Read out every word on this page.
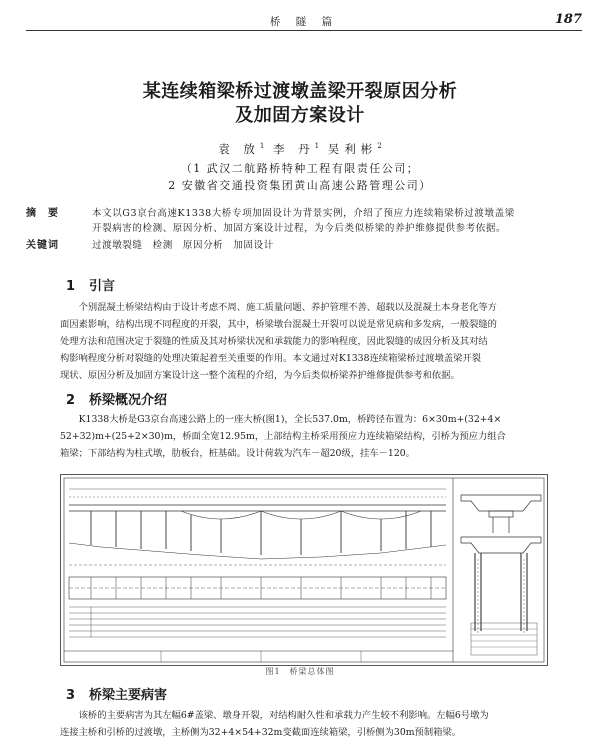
桥 隧 篇	187
某连续箱梁桥过渡墩盖梁开裂原因分析
及加固方案设计
袁 放$^1$ 李 丹$^1$ 吴利彬$^2$
（1 武汉二航路桥特种工程有限责任公司；
2 安徽省交通投资集团黄山高速公路管理公司）
摘　要	本文以G3京台高速K1338大桥专项加固设计为背景实例，介绍了预应力连续箱梁桥过渡墩盖梁
开裂病害的检测、原因分析、加固方案设计过程，为今后类似桥梁的养护维修提供参考依据。
关键词	过渡墩裂缝　检测　原因分析　加固设计
1 引言
　　个别混凝土桥梁结构由于设计考虑不周、施工质量问题、养护管理不善、超载以及混凝土本身老化等方
面因素影响，结构出现不同程度的开裂，其中，桥梁墩台混凝土开裂可以说是常见病和多发病，一般裂缝的
处理方法和范围决定于裂缝的性质及其对桥梁状况和承载能力的影响程度，因此裂缝的成因分析及其对结
构影响程度分析对裂缝的处理决策起着至关重要的作用。本文通过对K1338连续箱梁桥过渡墩盖梁开裂
现状、原因分析及加固方案设计这一整个流程的介绍，为今后类似桥梁养护维修提供参考和依据。
2 桥梁概况介绍
　　K1338大桥是G3京台高速公路上的一座大桥(图1)，全长537.0m，桥跨径布置为：6×30m+(32+4×
52+32)m+(25+2×30)m，桥面全宽12.95m，上部结构主桥采用预应力连续箱梁结构，引桥为预应力组合
箱梁；下部结构为柱式墩，肋板台，桩基础。设计荷载为汽车－超20级，挂车－120。
图1　桥梁总体图
3 桥梁主要病害
　　该桥的主要病害为其左幅6#盖梁、墩身开裂，对结构耐久性和承载力产生较不利影响。左幅6号墩为
连接主桥和引桥的过渡墩，主桥侧为32+4×54+32m变截面连续箱梁，引桥侧为30m预制箱梁。
